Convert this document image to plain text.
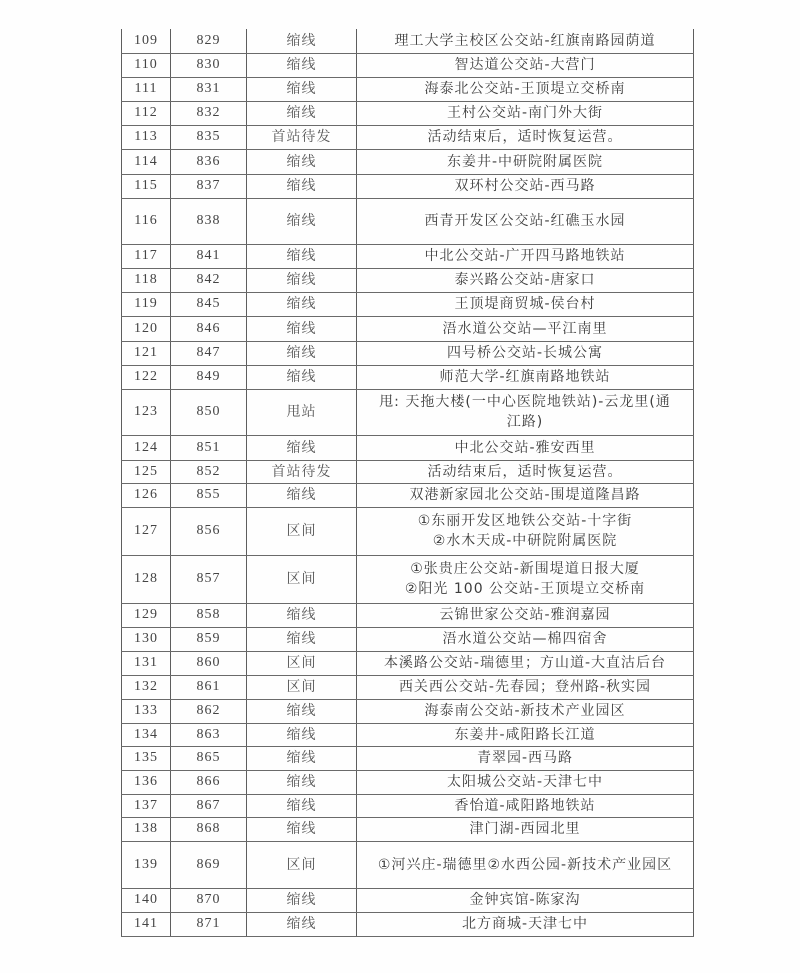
109	829	缩线	理工大学主校区公交站-红旗南路园荫道

110	830	缩线	智达道公交站-大营门

111	831	缩线	海泰北公交站-王顶堤立交桥南

112	832	缩线	王村公交站-南门外大街

113	835	首站待发	活动结束后，适时恢复运营。

114	836	缩线	东姜井-中研院附属医院

115	837	缩线	双环村公交站-西马路

116	838	缩线	西青开发区公交站-红礁玉水园

117	841	缩线	中北公交站-广开四马路地铁站

118	842	缩线	泰兴路公交站-唐家口

119	845	缩线	王顶堤商贸城-侯台村

120	846	缩线	浯水道公交站—平江南里

121	847	缩线	四号桥公交站-长城公寓

122	849	缩线	师范大学-红旗南路地铁站

123	850	甩站	甩: 天拖大楼(一中心医院地铁站)-云龙里(通
江路)

124	851	缩线	中北公交站-雅安西里

125	852	首站待发	活动结束后，适时恢复运营。

126	855	缩线	双港新家园北公交站-围堤道隆昌路

127	856	区间	①东丽开发区地铁公交站-十字街
②水木天成-中研院附属医院

128	857	区间	①张贵庄公交站-新围堤道日报大厦
②阳光 100 公交站-王顶堤立交桥南

129	858	缩线	云锦世家公交站-雅润嘉园

130	859	缩线	浯水道公交站—棉四宿舍

131	860	区间	本溪路公交站-瑞德里；方山道-大直沽后台

132	861	区间	西关西公交站-先春园；登州路-秋实园

133	862	缩线	海泰南公交站-新技术产业园区

134	863	缩线	东姜井-咸阳路长江道

135	865	缩线	青翠园-西马路

136	866	缩线	太阳城公交站-天津七中

137	867	缩线	香怡道-咸阳路地铁站

138	868	缩线	津门湖-西园北里

139	869	区间	①河兴庄-瑞德里②水西公园-新技术产业园区

140	870	缩线	金钟宾馆-陈家沟

141	871	缩线	北方商城-天津七中
